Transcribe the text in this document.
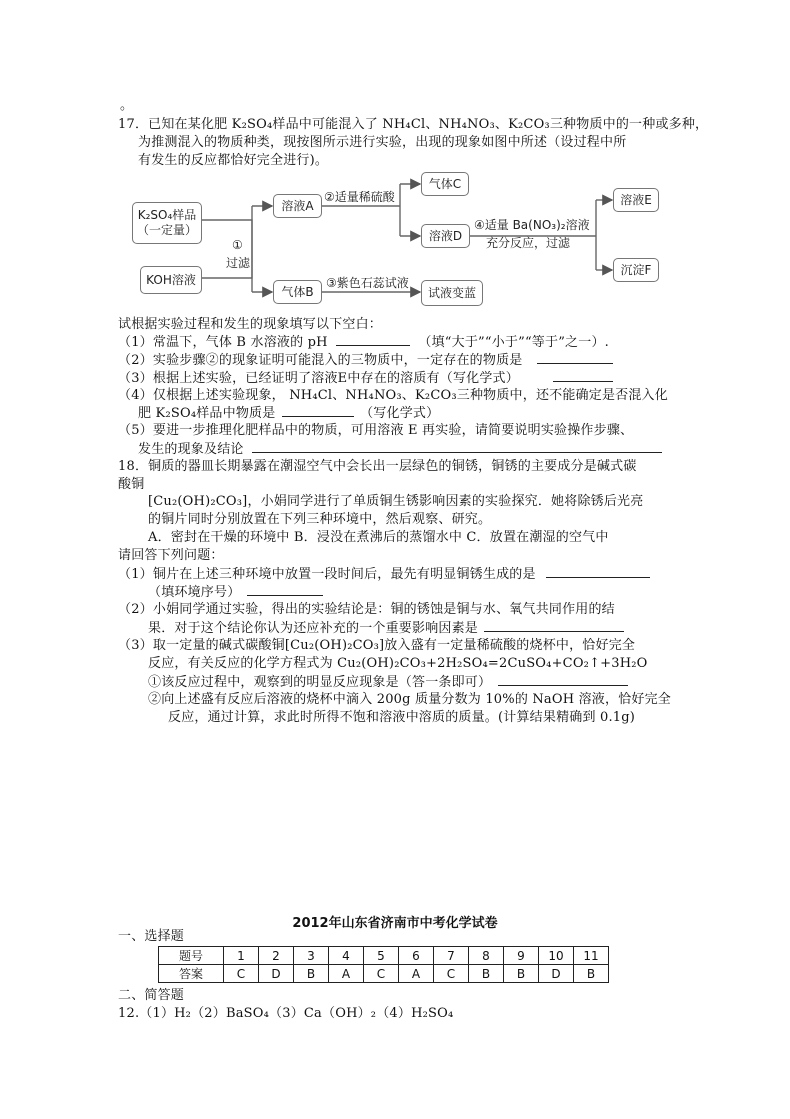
。
17．已知在某化肥 K₂SO₄样品中可能混入了 NH₄Cl、NH₄NO₃、K₂CO₃三种物质中的一种或多种，
为推测混入的物质种类，现按图所示进行实验，出现的现象如图中所述（设过程中所
有发生的反应都恰好完全进行)。
K₂SO₄样品
（一定量）
KOH溶液
①
过滤
溶液A
②适量稀硫酸
气体C
溶液D
④适量 Ba(NO₃)₂溶液
充分反应，过滤
溶液E
沉淀F
气体B
③紫色石蕊试液
试液变蓝
试根据实验过程和发生的现象填写以下空白：
（1）常温下，气体 B 水溶液的 pH	（填“大于”“小于”“等于”之一）.
（2）实验步骤②的现象证明可能混入的三物质中，一定存在的物质是
（3）根据上述实验，已经证明了溶液E中存在的溶质有（写化学式）
（4）仅根据上述实验现象， NH₄Cl、NH₄NO₃、K₂CO₃三种物质中，还不能确定是否混入化
肥 K₂SO₄样品中物质是	（写化学式）
（5）要进一步推理化肥样品中的物质，可用溶液 E 再实验，请简要说明实验操作步骤、
发生的现象及结论
18．铜质的器皿长期暴露在潮湿空气中会长出一层绿色的铜锈，铜锈的主要成分是碱式碳
酸铜
[Cu₂(OH)₂CO₃]，小娟同学进行了单质铜生锈影响因素的实验探究．她将除锈后光亮
的铜片同时分别放置在下列三种环境中，然后观察、研究。
A．密封在干燥的环境中 B．浸没在煮沸后的蒸馏水中 C．放置在潮湿的空气中
请回答下列问题：
（1）铜片在上述三种环境中放置一段时间后，最先有明显铜锈生成的是
（填环境序号）
（2）小娟同学通过实验，得出的实验结论是：铜的锈蚀是铜与水、氧气共同作用的结
果．对于这个结论你认为还应补充的一个重要影响因素是
（3）取一定量的碱式碳酸铜[Cu₂(OH)₂CO₃]放入盛有一定量稀硫酸的烧杯中，恰好完全
反应，有关反应的化学方程式为 Cu₂(OH)₂CO₃+2H₂SO₄=2CuSO₄+CO₂↑+3H₂O
①该反应过程中，观察到的明显反应现象是（答一条即可）
②向上述盛有反应后溶液的烧杯中滴入 200g 质量分数为 10%的 NaOH 溶液，恰好完全
反应，通过计算，求此时所得不饱和溶液中溶质的质量。(计算结果精确到 0.1g)
2012年山东省济南市中考化学试卷
一、选择题
题号	1	2	3	4	5	6	7	8	9	10	11
答案	C	D	B	A	C	A	C	B	B	D	B
二、简答题
12.（1）H₂（2）BaSO₄（3）Ca（OH）₂（4）H₂SO₄
